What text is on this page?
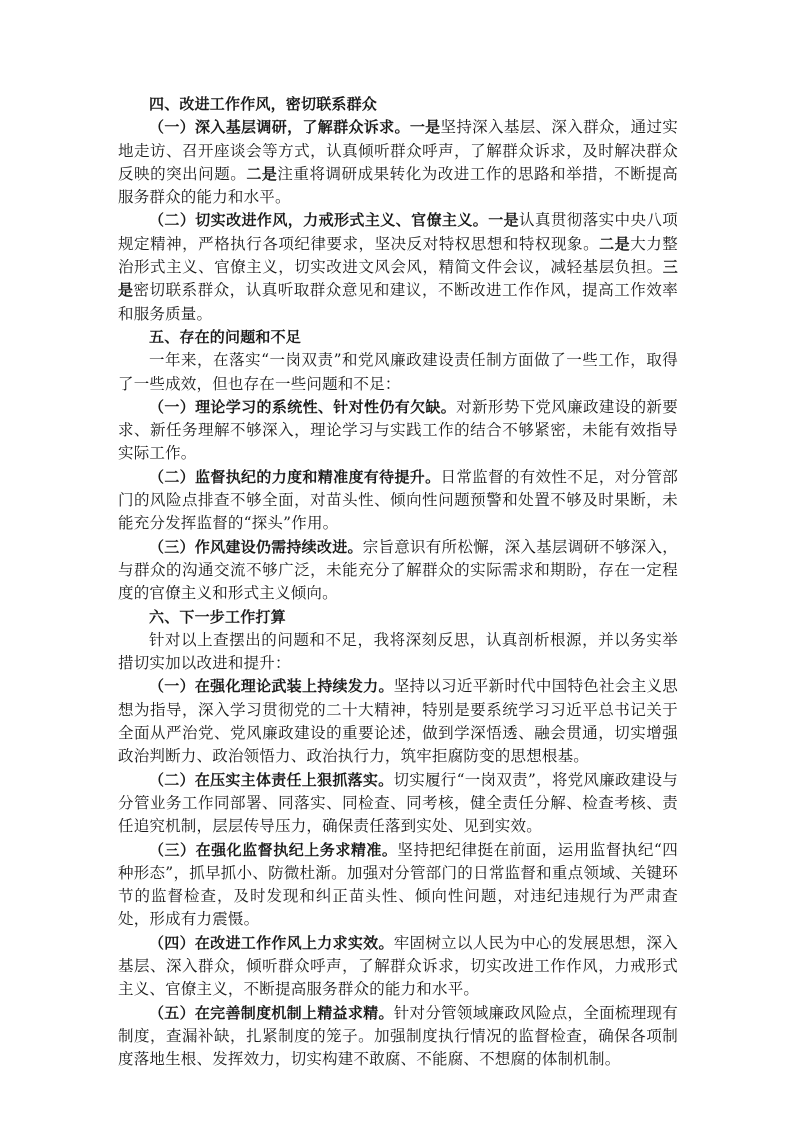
四、改进工作作风，密切联系群众

（一）深入基层调研，了解群众诉求。一是坚持深入基层、深入群众，通过实地走访、召开座谈会等方式，认真倾听群众呼声，了解群众诉求，及时解决群众反映的突出问题。二是注重将调研成果转化为改进工作的思路和举措，不断提高服务群众的能力和水平。

（二）切实改进作风，力戒形式主义、官僚主义。一是认真贯彻落实中央八项规定精神，严格执行各项纪律要求，坚决反对特权思想和特权现象。二是大力整治形式主义、官僚主义，切实改进文风会风，精简文件会议，减轻基层负担。三是密切联系群众，认真听取群众意见和建议，不断改进工作作风，提高工作效率和服务质量。

五、存在的问题和不足

一年来，在落实“一岗双责”和党风廉政建设责任制方面做了一些工作，取得了一些成效，但也存在一些问题和不足：

（一）理论学习的系统性、针对性仍有欠缺。对新形势下党风廉政建设的新要求、新任务理解不够深入，理论学习与实践工作的结合不够紧密，未能有效指导实际工作。

（二）监督执纪的力度和精准度有待提升。日常监督的有效性不足，对分管部门的风险点排查不够全面，对苗头性、倾向性问题预警和处置不够及时果断，未能充分发挥监督的“探头”作用。

（三）作风建设仍需持续改进。宗旨意识有所松懈，深入基层调研不够深入，与群众的沟通交流不够广泛，未能充分了解群众的实际需求和期盼，存在一定程度的官僚主义和形式主义倾向。

六、下一步工作打算

针对以上查摆出的问题和不足，我将深刻反思，认真剖析根源，并以务实举措切实加以改进和提升：

（一）在强化理论武装上持续发力。坚持以习近平新时代中国特色社会主义思想为指导，深入学习贯彻党的二十大精神，特别是要系统学习习近平总书记关于全面从严治党、党风廉政建设的重要论述，做到学深悟透、融会贯通，切实增强政治判断力、政治领悟力、政治执行力，筑牢拒腐防变的思想根基。

（二）在压实主体责任上狠抓落实。切实履行“一岗双责”，将党风廉政建设与分管业务工作同部署、同落实、同检查、同考核，健全责任分解、检查考核、责任追究机制，层层传导压力，确保责任落到实处、见到实效。

（三）在强化监督执纪上务求精准。坚持把纪律挺在前面，运用监督执纪“四种形态”，抓早抓小、防微杜渐。加强对分管部门的日常监督和重点领域、关键环节的监督检查，及时发现和纠正苗头性、倾向性问题，对违纪违规行为严肃查处，形成有力震慑。

（四）在改进工作作风上力求实效。牢固树立以人民为中心的发展思想，深入基层、深入群众，倾听群众呼声，了解群众诉求，切实改进工作作风，力戒形式主义、官僚主义，不断提高服务群众的能力和水平。

（五）在完善制度机制上精益求精。针对分管领域廉政风险点，全面梳理现有制度，查漏补缺，扎紧制度的笼子。加强制度执行情况的监督检查，确保各项制度落地生根、发挥效力，切实构建不敢腐、不能腐、不想腐的体制机制。
